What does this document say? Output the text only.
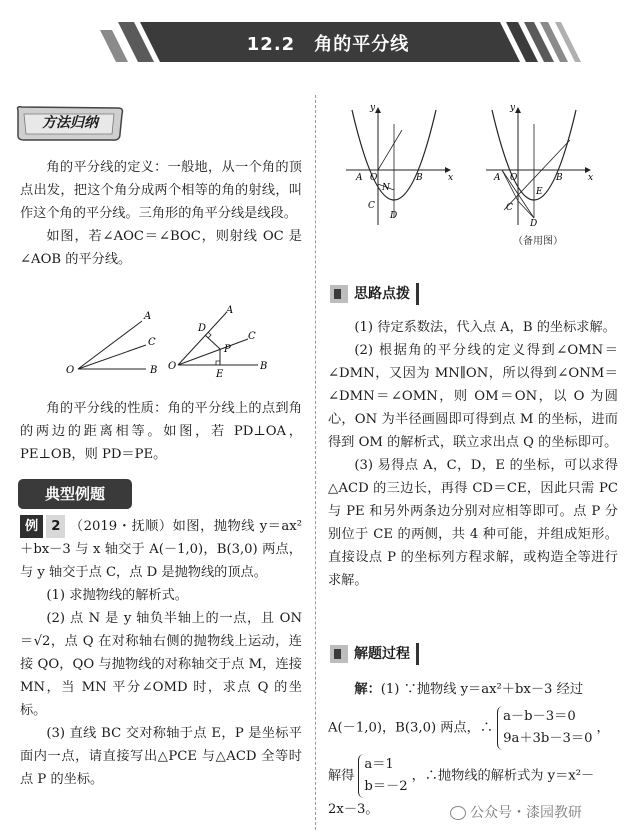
12.2　角的平分线
方法归纳

角的平分线的定义：一般地，从一个角的顶点出发，把这个角分成两个相等的角的射线，叫作这个角的平分线。三角形的角平分线是线段。

如图，若∠AOC＝∠BOC，则射线 OC 是∠AOB 的平分线。

A
C
O	B
D
A
P
C
O
E
B

角的平分线的性质：角的平分线上的点到角的两边的距离相等。如图，若 PD⊥OA，PE⊥OB，则 PD＝PE。

典型例题

例 2 （2019・抚顺）如图，抛物线 y＝ax²＋bx－3 与 x 轴交于 A(－1,0)，B(3,0) 两点，与 y 轴交于点 C，点 D 是抛物线的顶点。

(1) 求抛物线的解析式。

(2) 点 N 是 y 轴负半轴上的一点，且 ON＝√2，点 Q 在对称轴右侧的抛物线上运动，连接 QO，QO 与抛物线的对称轴交于点 M，连接 MN，当 MN 平分∠OMD 时，求点 Q 的坐标。

(3) 直线 BC 交对称轴于点 E，P 是坐标平面内一点，请直接写出△PCE 与△ACD 全等时点 P 的坐标。

y
x
A O	B
N
C
D
y
x
A O	B
E
C
D
（备用图）
思路点拨

(1) 待定系数法，代入点 A，B 的坐标求解。

(2) 根据角的平分线的定义得到∠OMN＝∠DMN，又因为 MN∥ON，所以得到∠ONM＝∠DMN＝∠OMN，则 OM＝ON，以 O 为圆心，ON 为半径画圆即可得到点 M 的坐标，进而得到 OM 的解析式，联立求出点 Q 的坐标即可。

(3) 易得点 A，C，D，E 的坐标，可以求得△ACD 的三边长，再得 CD＝CE，因此只需 PC 与 PE 和另外两条边分别对应相等即可。点 P 分别位于 CE 的两侧，共 4 种可能，并组成矩形。直接设点 P 的坐标列方程求解，或构造全等进行求解。

解题过程
解：(1) ∵抛物线 y＝ax²＋bx－3 经过
A(－1,0)，B(3,0) 两点，∴
a－b－3＝0
9a＋3b－3＝0
，
解得
a＝1
b＝－2
，∴抛物线的解析式为 y＝x²－
2x－3。	公众号・漆园教研
